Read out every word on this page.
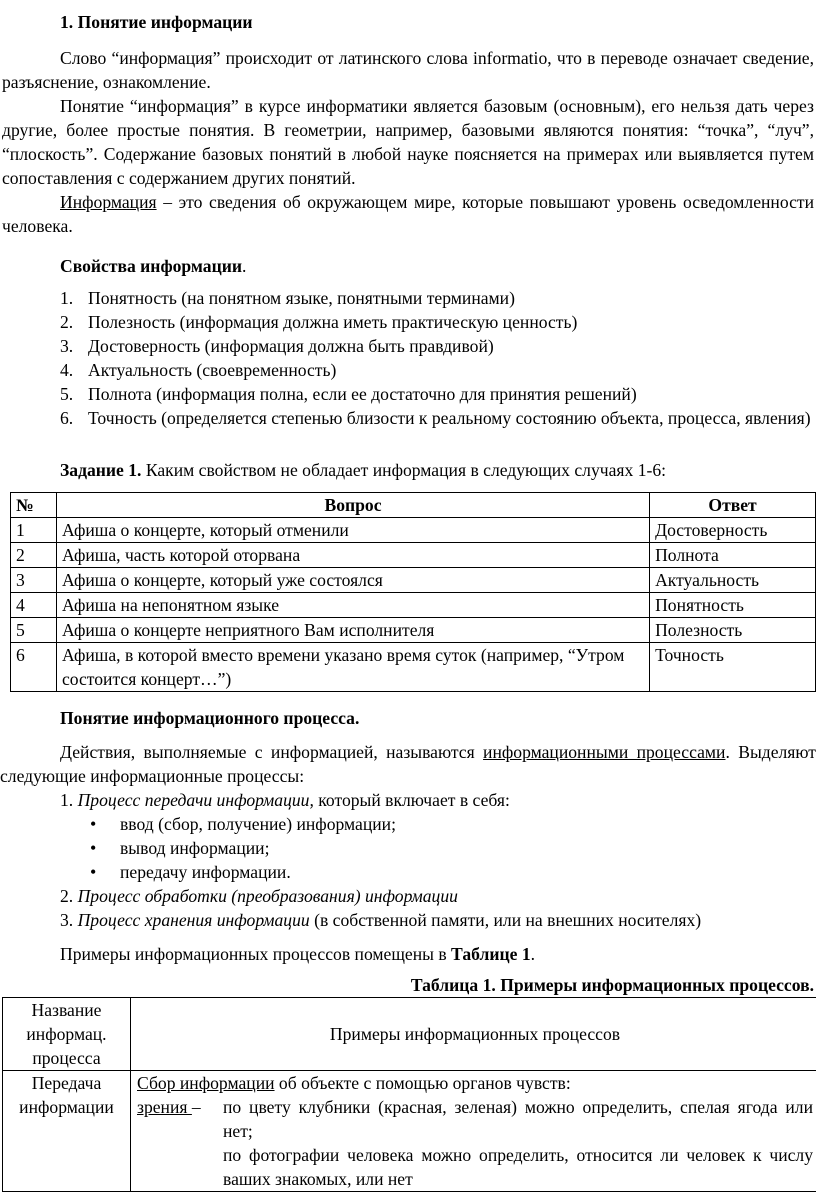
1. Понятие информации

Слово “информация” происходит от латинского слова informatio, что в переводе означает сведение, разъяснение, ознакомление.

Понятие “информация” в курсе информатики является базовым (основным), его нельзя дать через другие, более простые понятия. В геометрии, например, базовыми являются понятия: “точка”, “луч”, “плоскость”. Содержание базовых понятий в любой науке поясняется на примерах или выявляется путем сопоставления с содержанием других понятий.

Информация – это сведения об окружающем мире, которые повышают уровень осведомленности человека.

Свойства информации.

1. Понятность (на понятном языке, понятными терминами)
2. Полезность (информация должна иметь практическую ценность)
3. Достоверность (информация должна быть правдивой)
4. Актуальность (своевременность)
5. Полнота (информация полна, если ее достаточно для принятия решений)
6. Точность (определяется степенью близости к реальному состоянию объекта, процесса, явления)

Задание 1. Каким свойством не обладает информация в следующих случаях 1-6:

№	Вопрос	Ответ
1	Афиша о концерте, который отменили	Достоверность
2	Афиша, часть которой оторвана	Полнота
3	Афиша о концерте, который уже состоялся	Актуальность
4	Афиша на непонятном языке	Понятность
5	Афиша о концерте неприятного Вам исполнителя	Полезность
6	Афиша, в которой вместо времени указано время суток (например, “Утром состоится концерт…”)	Точность

Понятие информационного процесса.

Действия, выполняемые с информацией, называются информационными процессами. Выделяют следующие информационные процессы:

1. Процесс передачи информации, который включает в себя:

• ввод (сбор, получение) информации;

• вывод информации;

• передачу информации.

2. Процесс обработки (преобразования) информации

3. Процесс хранения информации (в собственной памяти, или на внешних носителях)

Примеры информационных процессов помещены в Таблице 1.

Таблица 1. Примеры информационных процессов.

Название информац. процесса	Примеры информационных процессов
Передача информации	Сбор информации об объекте с помощью органов чувств:
зрения – по цвету клубники (красная, зеленая) можно определить, спелая ягода или нет;
по фотографии человека можно определить, относится ли человек к числу ваших знакомых, или нет
